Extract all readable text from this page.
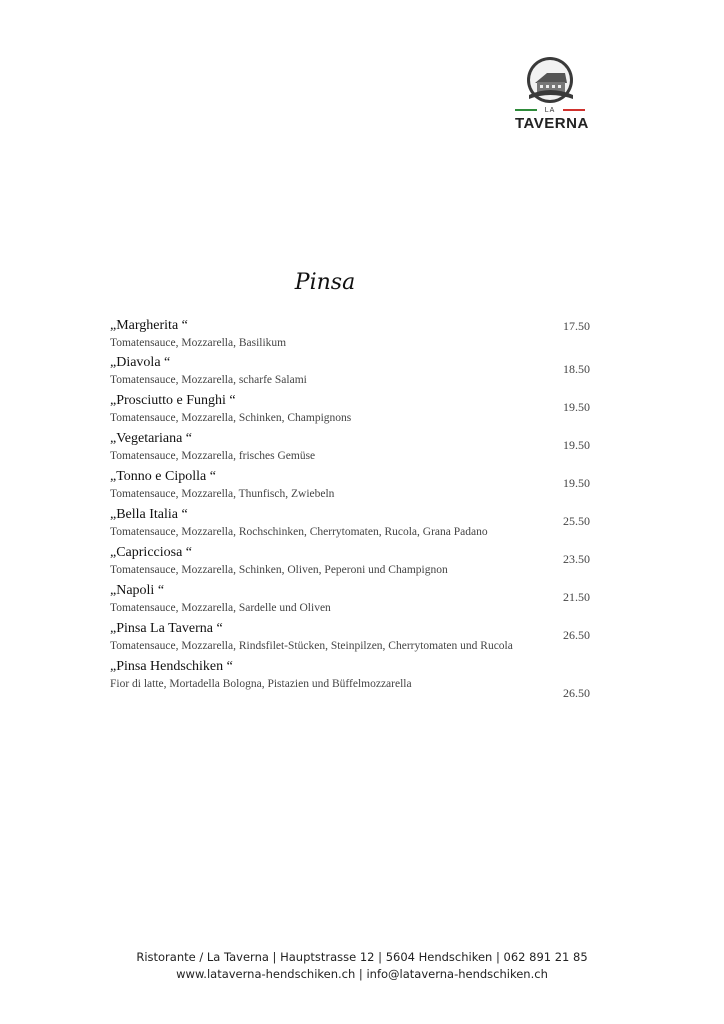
LA
TAVERNA
Pinsa
„Margherita “
Tomatensauce, Mozzarella, Basilikum
17.50
„Diavola “
Tomatensauce, Mozzarella, scharfe Salami
18.50
„Prosciutto e Funghi “
Tomatensauce, Mozzarella, Schinken, Champignons
19.50
„Vegetariana “
Tomatensauce, Mozzarella, frisches Gemüse
19.50
„Tonno e Cipolla “
Tomatensauce, Mozzarella, Thunfisch, Zwiebeln
19.50
„Bella Italia “
Tomatensauce, Mozzarella, Rochschinken, Cherrytomaten, Rucola, Grana Padano
25.50
„Capricciosa “
Tomatensauce, Mozzarella, Schinken, Oliven, Peperoni und Champignon
23.50
„Napoli “
Tomatensauce, Mozzarella, Sardelle und Oliven
21.50
„Pinsa La Taverna “
Tomatensauce, Mozzarella, Rindsfilet-Stücken, Steinpilzen, Cherrytomaten und Rucola
26.50
„Pinsa Hendschiken “
Fior di latte, Mortadella Bologna, Pistazien und Büffelmozzarella
26.50
Ristorante / La Taverna | Hauptstrasse 12 | 5604 Hendschiken | 062 891 21 85
www.lataverna-hendschiken.ch | info@lataverna-hendschiken.ch
